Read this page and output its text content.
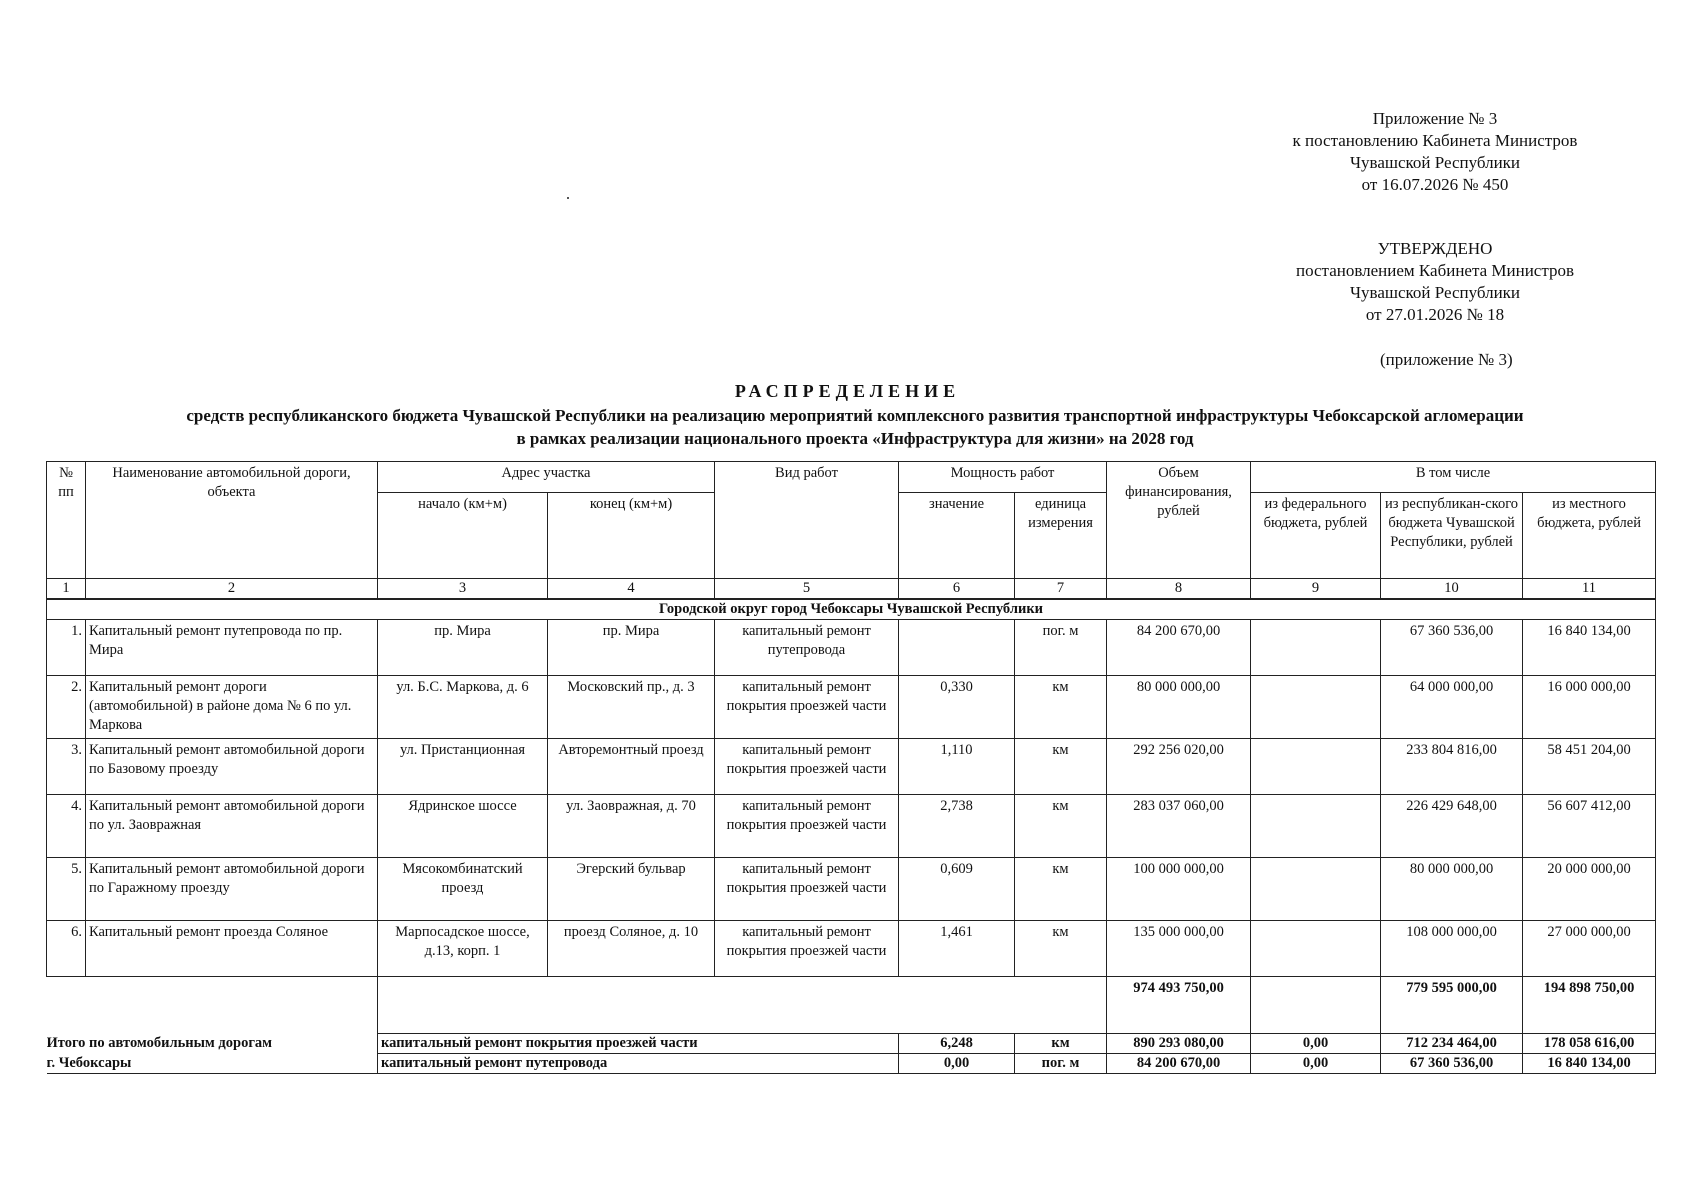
Приложение № 3
к постановлению Кабинета Министров
Чувашской Республики
от 16.07.2026 № 450
УТВЕРЖДЕНО
постановлением Кабинета Министров
Чувашской Республики
от 27.01.2026 № 18
(приложение № 3)
РАСПРЕДЕЛЕНИЕ
средств республиканского бюджета Чувашской Республики на реализацию мероприятий комплексного развития транспортной инфраструктуры Чебоксарской агломерации
в рамках реализации национального проекта «Инфраструктура для жизни» на 2028 год
№ пп	Наименование автомобильной дороги, объекта	Адрес участка		Вид работ	Мощность работ		Объем финансирования, рублей	В том числе		
		начало (км+м)	конец (км+м)		значение	единица измерения		из федерального бюджета, рублей	из республикан-ского бюджета Чувашской Республики, рублей	из местного бюджета, рублей
1	2	3	4	5	6	7	8	9	10	11
Городской округ город Чебоксары Чувашской Республики										
1.	Капитальный ремонт путепровода по пр. Мира	пр. Мира	пр. Мира	капитальный ремонт путепровода		пог. м	84 200 670,00		67 360 536,00	16 840 134,00
2.	Капитальный ремонт дороги (автомобильной) в районе дома № 6 по ул. Маркова	ул. Б.С. Маркова, д. 6	Московский пр., д. 3	капитальный ремонт покрытия проезжей части	0,330	км	80 000 000,00		64 000 000,00	16 000 000,00
3.	Капитальный ремонт автомобильной дороги по Базовому проезду	ул. Пристанционная	Авторемонтный проезд	капитальный ремонт покрытия проезжей части	1,110	км	292 256 020,00		233 804 816,00	58 451 204,00
4.	Капитальный ремонт автомобильной дороги по ул. Заовражная	Ядринское шоссе	ул. Заовражная, д. 70	капитальный ремонт покрытия проезжей части	2,738	км	283 037 060,00		226 429 648,00	56 607 412,00
5.	Капитальный ремонт автомобильной дороги по Гаражному проезду	Мясокомбинатский проезд	Эгерский бульвар	капитальный ремонт покрытия проезжей части	0,609	км	100 000 000,00		80 000 000,00	20 000 000,00
6.	Капитальный ремонт проезда Соляное	Марпосадское шоссе, д.13, корп. 1	проезд Соляное, д. 10	капитальный ремонт покрытия проезжей части	1,461	км	135 000 000,00		108 000 000,00	27 000 000,00
							974 493 750,00		779 595 000,00	194 898 750,00
Итого по автомобильным дорогам		капитальный ремонт покрытия проезжей части			6,248	км	890 293 080,00	0,00	712 234 464,00	178 058 616,00
г. Чебоксары		капитальный ремонт путепровода			0,00	пог. м	84 200 670,00	0,00	67 360 536,00	16 840 134,00
